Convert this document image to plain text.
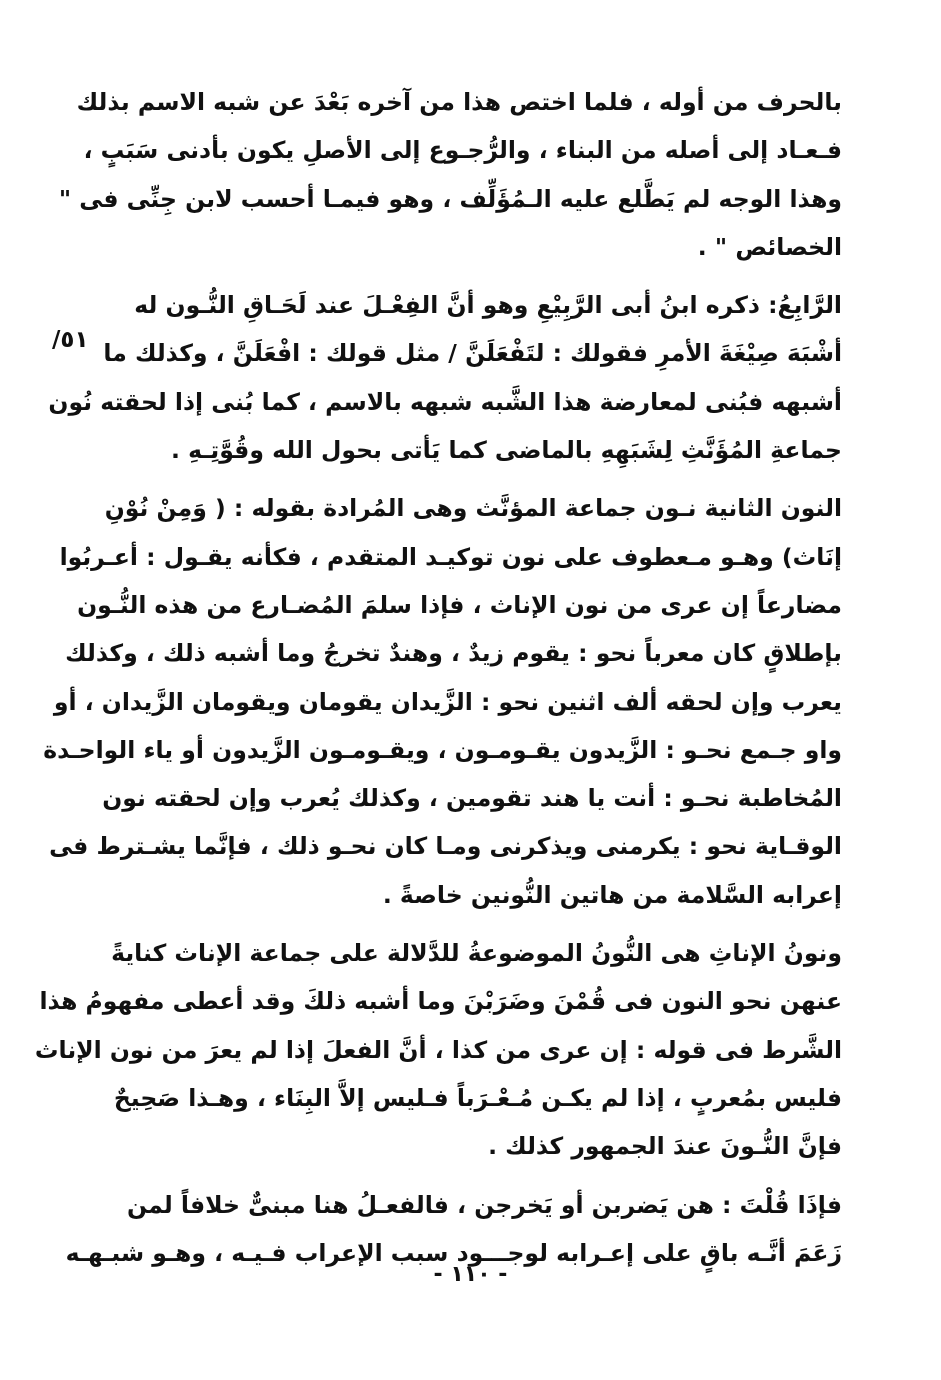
بالحرف من أوله ، فلما اختص هذا من آخره بَعْدَ عن شبه الاسم بذلك
فـعـاد إلى أصله من البناء ، والرُّجـوع إلى الأصلِ يكون بأدنى سَبَبٍ ،
وهذا الوجه لم يَطَّلع عليه الـمُؤَلِّف ، وهو فيمـا أحسب لابن جِنِّى فى "
الخصائص " .
الرَّابِعُ: ذكره ابنُ أبى الرَّبِيْعِ وهو أنَّ الفِعْـلَ عند لَحَـاقِ النُّـون له
أشْبَهَ صِيْغَةَ الأمرِ فقولك : لتَفْعَلَنَّ / مثل قولك : افْعَلَنَّ ، وكذلك ما
أشبهه فبُنى لمعارضة هذا الشَّبه شبهه بالاسم ، كما بُنى إذا لحقته نُون
جماعةِ المُؤَنَّثِ لِشَبَهِهِ بالماضى كما يَأتى بحول الله وقُوَّتِـهِ .
النون الثانية نـون جماعة المؤنَّث وهى المُرادة بقوله : ( وَمِنْ نُوْنِ
إنَاث) وهـو مـعطوف على نون توكيـد المتقدم ، فكأنه يقـول : أعـربُوا
مضارعاً إن عرى من نون الإناث ، فإذا سلمَ المُضـارع من هذه النُّـون
بإطلاقٍ كان معرباً نحو : يقوم زيدٌ ، وهندٌ تخرجُ وما أشبه ذلك ، وكذلك
يعرب وإن لحقه ألف اثنين نحو : الزَّيدان يقومان ويقومان الزَّيدان ، أو
واو جـمع نحـو : الزَّيدون يقـومـون ، ويقـومـون الزَّيدون أو ياء الواحـدة
المُخاطبة نحـو : أنت يا هند تقومين ، وكذلك يُعرب وإن لحقته نون
الوقـاية نحو : يكرمنى ويذكرنى ومـا كان نحـو ذلك ، فإنَّما يشـترط فى
إعرابه السَّلامة من هاتين النُّونين خاصةً .
ونونُ الإناثِ هى النُّونُ الموضوعةُ للدَّلالة على جماعة الإناث كنايةً
عنهن نحو النون فى قُمْنَ وضَرَبْنَ وما أشبه ذلكَ وقد أعطى مفهومُ هذا
الشَّرط فى قوله : إن عرى من كذا ، أنَّ الفعلَ إذا لم يعرَ من نون الإناث
فليس بمُعربٍ ، إذا لم يكـن مُـعْـرَباً فـليس إلاَّ البِنَاء ، وهـذا صَحِيحٌ
فإنَّ النُّـونَ عندَ الجمهور كذلك .
فإذَا قُلْتَ : هن يَضربن أو يَخرجن ، فالفعـلُ هنا مبنىٌّ خلافاً لمن
زَعَمَ أنَّـه باقٍ على إعـرابه لوجـــود سبب الإعراب فـيـه ، وهـو شبـهـه
٥١/
- ١١٠ -
